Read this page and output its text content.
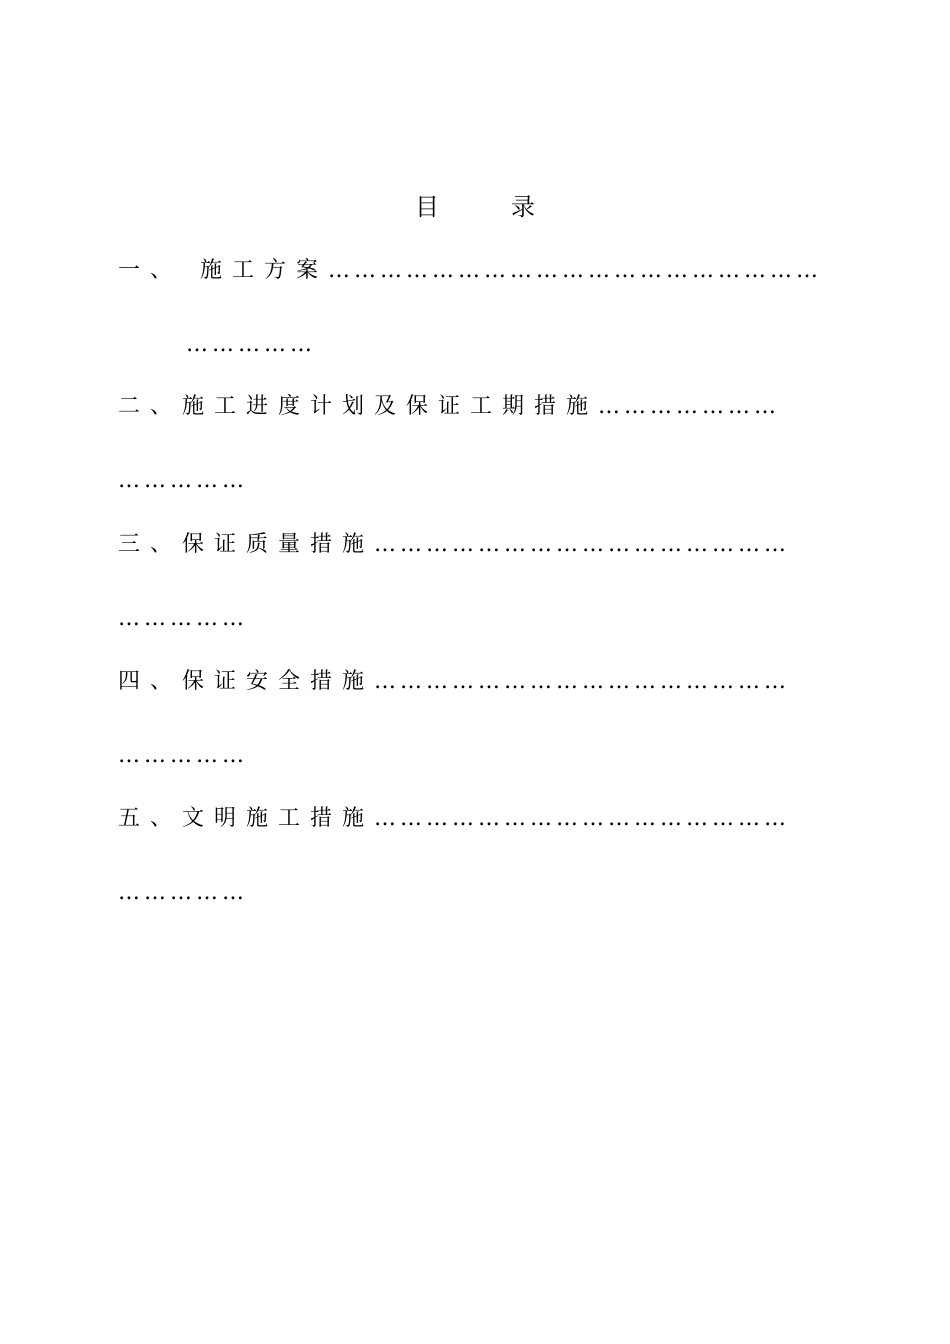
目	录
一、 施工方案…………………………………………………
……………
二、施工进度计划及保证工期措施…………………
……………
三、保证质量措施…………………………………………
……………
四、保证安全措施…………………………………………
……………
五、文明施工措施…………………………………………
……………
